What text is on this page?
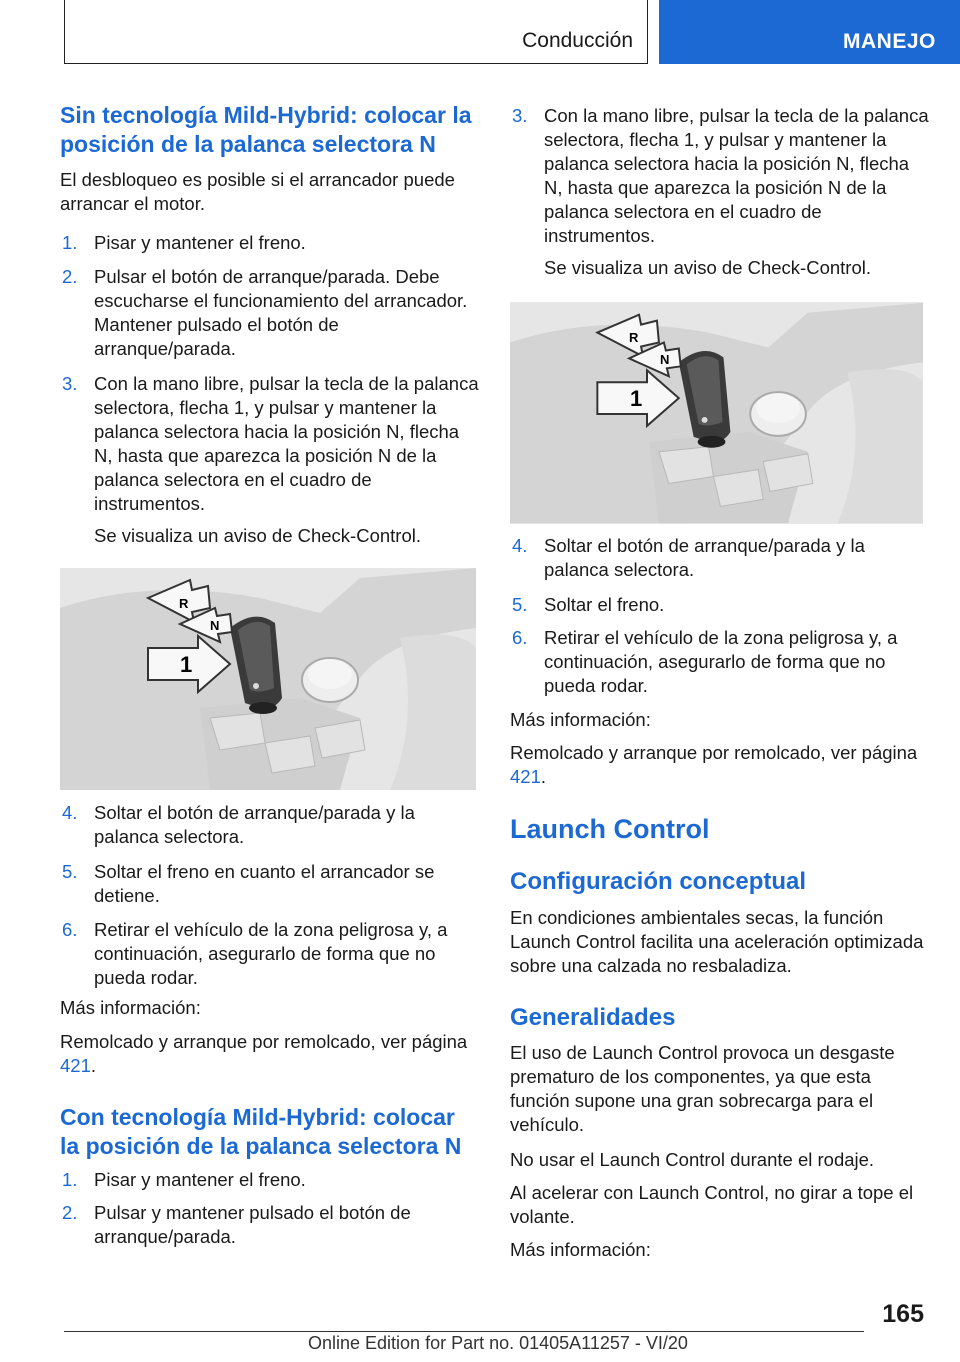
Conducción	MANEJO
Sin tecnología Mild-Hybrid: colocar la posición de la palanca selectora N

El desbloqueo es posible si el arrancador puede arrancar el motor.

1. Pisar y mantener el freno.

2. Pulsar el botón de arranque/parada. Debe escucharse el funcionamiento del arrancador. Mantener pulsado el botón de arranque/parada.

3. Con la mano libre, pulsar la tecla de la palanca selectora, flecha 1, y pulsar y mantener la palanca selectora hacia la posición N, flecha N, hasta que aparezca la posición N de la palanca selectora en el cuadro de instrumentos.
Se visualiza un aviso de Check-Control.

R
N
1

4. Soltar el botón de arranque/parada y la palanca selectora.

5. Soltar el freno en cuanto el arrancador se detiene.

6. Retirar el vehículo de la zona peligrosa y, a continuación, asegurarlo de forma que no pueda rodar.

Más información:

Remolcado y arranque por remolcado, ver página 421.

Con tecnología Mild-Hybrid: colocar la posición de la palanca selectora N

1. Pisar y mantener el freno.

2. Pulsar y mantener pulsado el botón de arranque/parada.

3. Con la mano libre, pulsar la tecla de la palanca selectora, flecha 1, y pulsar y mantener la palanca selectora hacia la posición N, flecha N, hasta que aparezca la posición N de la palanca selectora en el cuadro de instrumentos.
Se visualiza un aviso de Check-Control.

R
N
1

4. Soltar el botón de arranque/parada y la palanca selectora.

5. Soltar el freno.

6. Retirar el vehículo de la zona peligrosa y, a continuación, asegurarlo de forma que no pueda rodar.

Más información:

Remolcado y arranque por remolcado, ver página 421.

Launch Control
Configuración conceptual

En condiciones ambientales secas, la función Launch Control facilita una aceleración optimizada sobre una calzada no resbaladiza.

Generalidades

El uso de Launch Control provoca un desgaste prematuro de los componentes, ya que esta función supone una gran sobrecarga para el vehículo.

No usar el Launch Control durante el rodaje.

Al acelerar con Launch Control, no girar a tope el volante.

Más información:

165
Online Edition for Part no. 01405A11257 - VI/20
